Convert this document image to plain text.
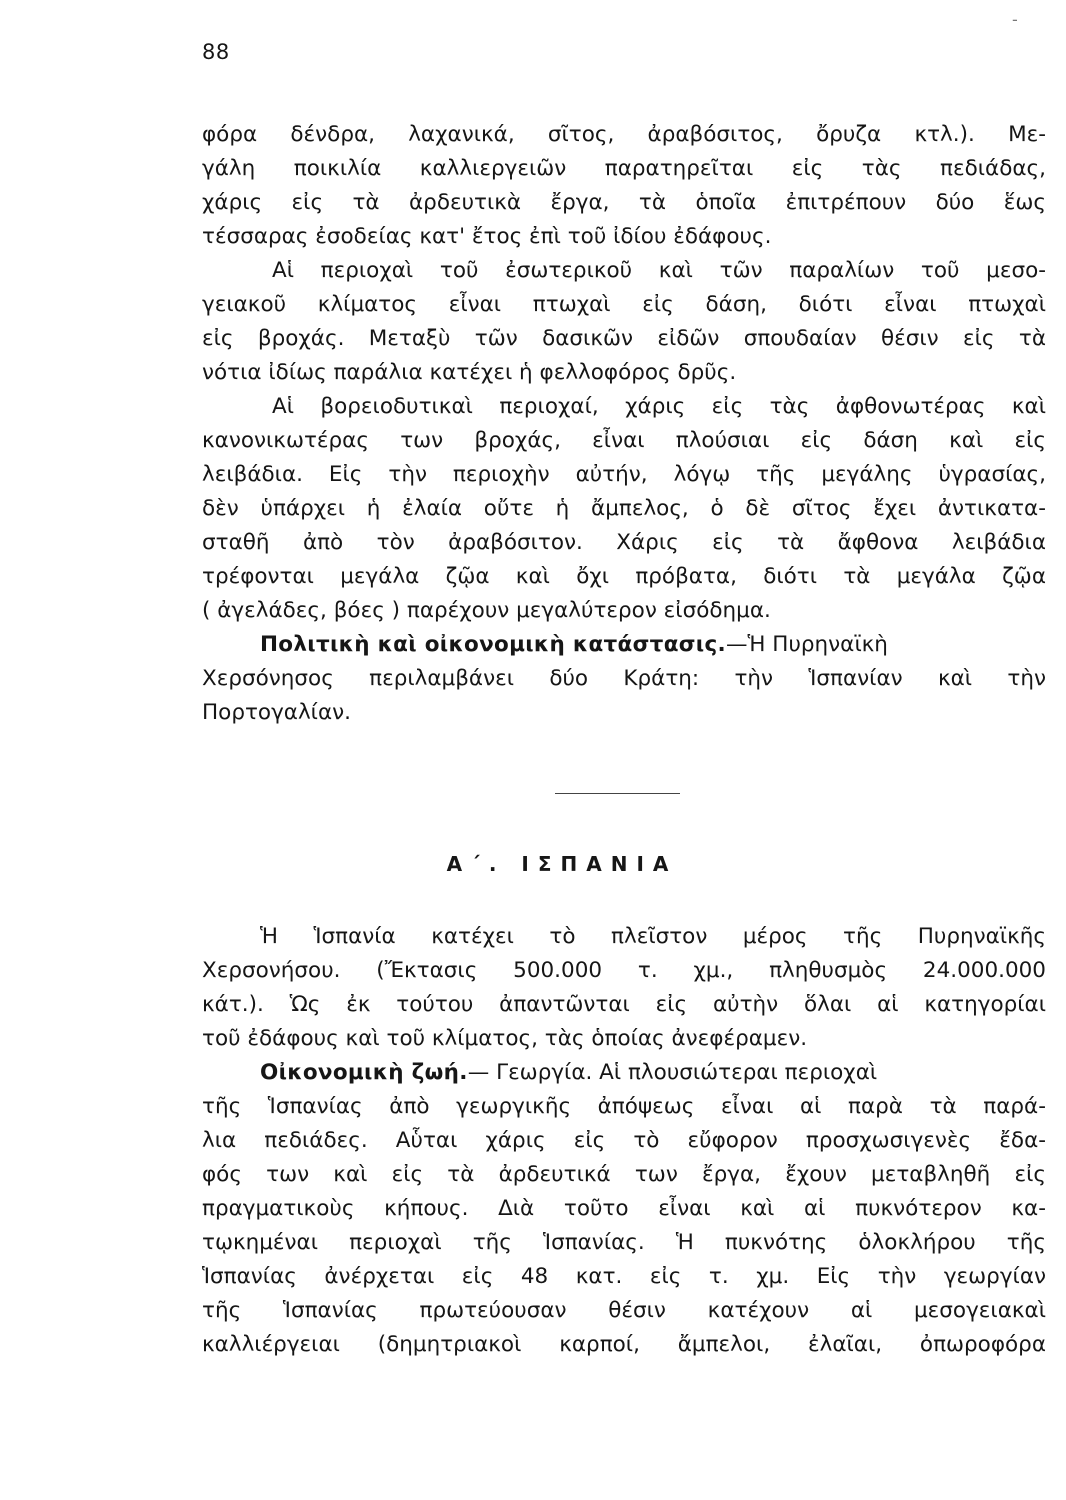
88
-
φόρα δένδρα, λαχανικά, σῖτος, ἀραβόσιτος, ὄρυζα κτλ.). Με-
γάλη ποικιλία καλλιεργειῶν παρατηρεῖται εἰς τὰς πεδιάδας,
χάρις εἰς τὰ ἀρδευτικὰ ἔργα, τὰ ὁποῖα ἐπιτρέπουν δύο ἕως
τέσσαρας ἐσοδείας κατ' ἔτος ἐπὶ τοῦ ἰδίου ἐδάφους.
Αἱ περιοχαὶ τοῦ ἐσωτερικοῦ καὶ τῶν παραλίων τοῦ μεσο-
γειακοῦ κλίματος εἶναι πτωχαὶ εἰς δάση, διότι εἶναι πτωχαὶ
εἰς βροχάς. Μεταξὺ τῶν δασικῶν εἰδῶν σπουδαίαν θέσιν εἰς τὰ
νότια ἰδίως παράλια κατέχει ἡ φελλοφόρος δρῦς.
Αἱ βορειοδυτικαὶ περιοχαί, χάρις εἰς τὰς ἀφθονωτέρας καὶ
κανονικωτέρας των βροχάς, εἶναι πλούσιαι εἰς δάση καὶ εἰς
λειβάδια. Εἰς τὴν περιοχὴν αὐτήν, λόγῳ τῆς μεγάλης ὑγρασίας,
δὲν ὑπάρχει ἡ ἐλαία οὔτε ἡ ἄμπελος, ὁ δὲ σῖτος ἔχει ἀντικατα-
σταθῆ ἀπὸ τὸν ἀραβόσιτον. Χάρις εἰς τὰ ἄφθονα λειβάδια
τρέφονται μεγάλα ζῷα καὶ ὄχι πρόβατα, διότι τὰ μεγάλα ζῷα
( ἀγελάδες, βόες ) παρέχουν μεγαλύτερον εἰσόδημα.
Πολιτικὴ καὶ οἰκονομικὴ κατάστασις.—Ἡ Πυρηναϊκὴ
Χερσόνησος περιλαμβάνει δύο Κράτη: τὴν Ἱσπανίαν καὶ τὴν
Πορτογαλίαν.
Α΄. ΙΣΠΑΝΙΑ
Ἡ Ἱσπανία κατέχει τὸ πλεῖστον μέρος τῆς Πυρηναϊκῆς
Χερσονήσου. (Ἔκτασις 500.000 τ. χμ., πληθυσμὸς 24.000.000
κάτ.). Ὡς ἐκ τούτου ἀπαντῶνται εἰς αὐτὴν ὅλαι αἱ κατηγορίαι
τοῦ ἐδάφους καὶ τοῦ κλίματος, τὰς ὁποίας ἀνεφέραμεν.
Οἰκονομικὴ ζωή.— Γεωργία. Αἱ πλουσιώτεραι περιοχαὶ
τῆς Ἱσπανίας ἀπὸ γεωργικῆς ἀπόψεως εἶναι αἱ παρὰ τὰ παρά-
λια πεδιάδες. Αὗται χάρις εἰς τὸ εὔφορον προσχωσιγενὲς ἔδα-
φός των καὶ εἰς τὰ ἀρδευτικά των ἔργα, ἔχουν μεταβληθῆ εἰς
πραγματικοὺς κήπους. Διὰ τοῦτο εἶναι καὶ αἱ πυκνότερον κα-
τῳκημέναι περιοχαὶ τῆς Ἱσπανίας. Ἡ πυκνότης ὁλοκλήρου τῆς
Ἱσπανίας ἀνέρχεται εἰς 48 κατ. εἰς τ. χμ. Εἰς τὴν γεωργίαν
τῆς Ἱσπανίας πρωτεύουσαν θέσιν κατέχουν αἱ μεσογειακαὶ
καλλιέργειαι (δημητριακοὶ καρποί, ἄμπελοι, ἐλαῖαι, ὀπωροφόρα
